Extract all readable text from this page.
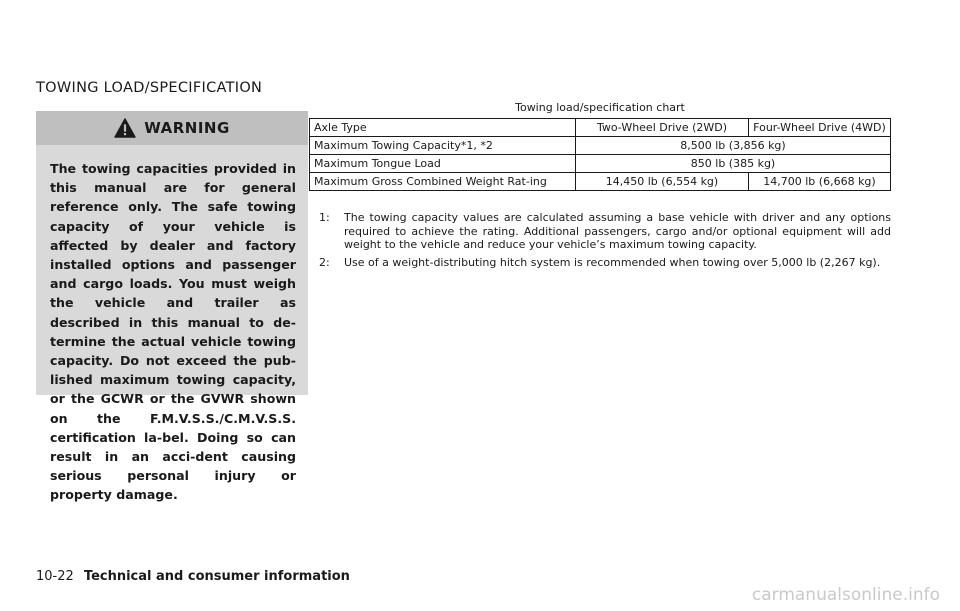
TOWING LOAD/SPECIFICATION
WARNING

The towing capacities provided in this manual are for general reference only. The safe towing capacity of your vehicle is affected by dealer and factory installed options and passenger and cargo loads. You must weigh the vehicle and trailer as described in this manual to de-termine the actual vehicle towing capacity. Do not exceed the pub-lished maximum towing capacity, or the GCWR or the GVWR shown on the F.M.V.S.S./C.M.V.S.S. certification la-bel. Doing so can result in an acci-dent causing serious personal injury or property damage.

Towing load/specification chart
Axle Type	Two-Wheel Drive (2WD)	Four-Wheel Drive (4WD)
Maximum Towing Capacity*1, *2	8,500 lb (3,856 kg)	
Maximum Tongue Load	850 lb (385 kg)	
Maximum Gross Combined Weight Rat-ing	14,450 lb (6,554 kg)	14,700 lb (6,668 kg)
1:	The towing capacity values are calculated assuming a base vehicle with driver and any options required to achieve the rating. Additional passengers, cargo and/or optional equipment will add weight to the vehicle and reduce your vehicle’s maximum towing capacity.
2:	Use of a weight-distributing hitch system is recommended when towing over 5,000 lb (2,267 kg).
10-22 Technical and consumer information
carmanualsonline.info
